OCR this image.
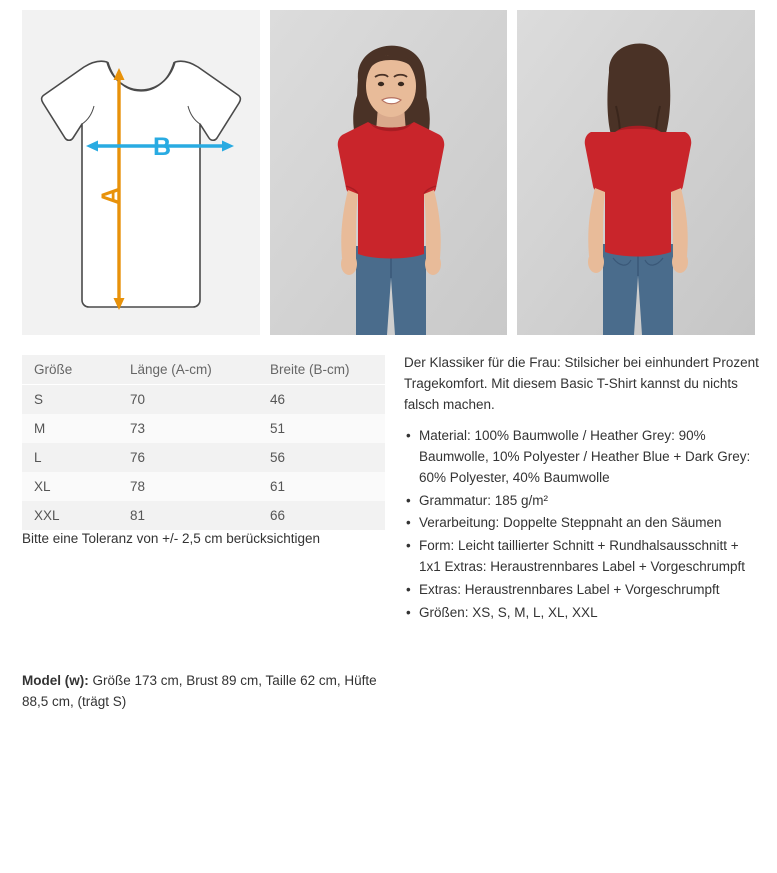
A
B
Größe	Länge (A-cm)	Breite (B-cm)
S	70	46
M	73	51
L	76	56
XL	78	61
XXL	81	66
Bitte eine Toleranz von +/- 2,5 cm berücksichtigen
Model (w): Größe 173 cm, Brust 89 cm, Taille 62 cm, Hüfte 88,5 cm, (trägt S)

Der Klassiker für die Frau: Stilsicher bei einhundert Prozent Tragekomfort. Mit diesem Basic T-Shirt kannst du nichts falsch machen.

• Material: 100% Baumwolle / Heather Grey: 90% Baumwolle, 10% Polyester / Heather Blue + Dark Grey: 60% Polyester, 40% Baumwolle
• Grammatur: 185 g/m²
• Verarbeitung: Doppelte Steppnaht an den Säumen
• Form: Leicht taillierter Schnitt + Rundhalsausschnitt + 1x1 Extras: Heraustrennbares Label + Vorgeschrumpft
• Extras: Heraustrennbares Label + Vorgeschrumpft
• Größen: XS, S, M, L, XL, XXL
